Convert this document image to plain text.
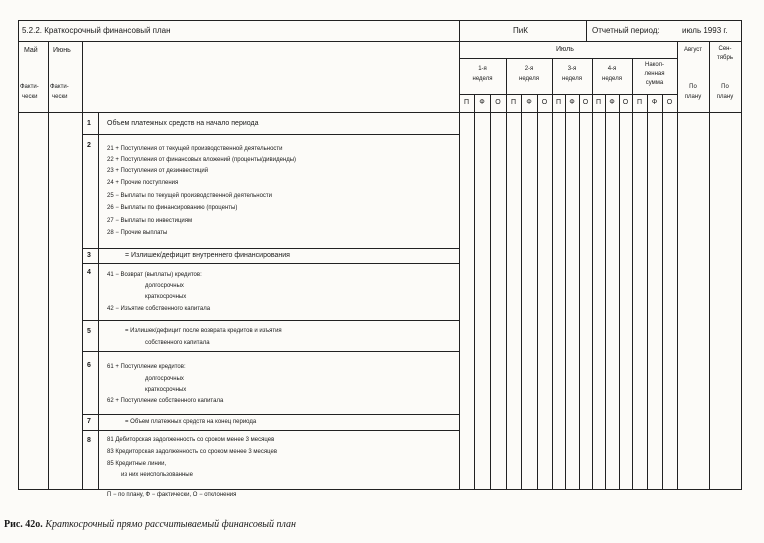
5.2.2. Краткосрочный финансовый план	ПиК	Отчетный период:	июль 1993 г.
Май Июнь
Факти-
чески
Факти-
чески
Июль
1-я
неделя
2-я
неделя
3-я
неделя
4-я
неделя
Накоп-
ленная
сумма
Август
По
плану
Сен-
тябрь
По
плану
П	Ф	О	П	Ф	О	П	Ф	О	П	Ф	О	П	Ф	О
1 Объем платежных средств на начало периода
2	21 + Поступления от текущей производственной деятельности
22 + Поступления от финансовых вложений (проценты/дивиденды)
23 + Поступления от дезинвестиций
24 + Прочие поступления
25 − Выплаты по текущей производственной деятельности
26 − Выплаты по финансированию (проценты)
27 − Выплаты по инвестициям
28 − Прочие выплаты
3	= Излишек/дефицит внутреннего финансирования
4	41 − Возврат (выплаты) кредитов:
долгосрочных
краткосрочных
42 − Изъятие собственного капитала
5	= Излишек/дефицит после возврата кредитов и изъятия
собственного капитала
6	61 + Поступление кредитов:
долгосрочных
краткосрочных
62 + Поступление собственного капитала
7	= Объем платежных средств на конец периода
8	81 Дебиторская задолженность со сроком менее 3 месяцев
83 Кредиторская задолженность со сроком менее 3 месяцев
85 Кредитные линии,
из них неиспользованные
П − по плану, Ф − фактически, О − отклонения
Рис. 42о. Краткосрочный прямо рассчитываемый финансовый план
